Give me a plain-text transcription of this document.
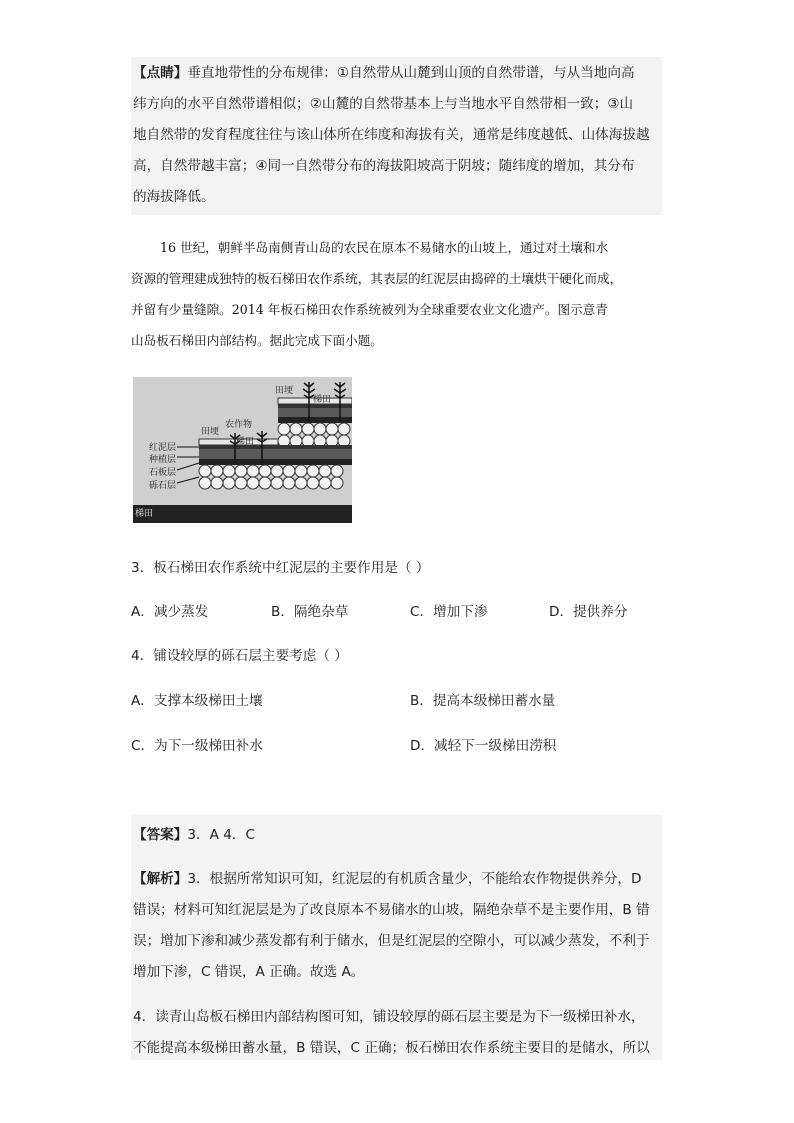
【点睛】垂直地带性的分布规律：①自然带从山麓到山顶的自然带谱，与从当地向高
纬方向的水平自然带谱相似；②山麓的自然带基本上与当地水平自然带相一致；③山
地自然带的发育程度往往与该山体所在纬度和海拔有关，通常是纬度越低、山体海拔越
高，自然带越丰富；④同一自然带分布的海拔阳坡高于阴坡；随纬度的增加，其分布
的海拔降低。
16 世纪，朝鲜半岛南侧青山岛的农民在原本不易储水的山坡上，通过对土壤和水
资源的管理建成独特的板石梯田农作系统，其表层的红泥层由捣碎的土壤烘干硬化而成，
并留有少量缝隙。2014 年板石梯田农作系统被列为全球重要农业文化遗产。图示意青
山岛板石梯田内部结构。据此完成下面小题。
农作物
田埂
梯田
田埂
梯田
红泥层
种植层
石板层
砾石层
梯田
3．板石梯田农作系统中红泥层的主要作用是（ ）
A．减少蒸发	B．隔绝杂草	C．增加下渗	D．提供养分
4．铺设较厚的砾石层主要考虑（ ）
A．支撑本级梯田土壤	B．提高本级梯田蓄水量
C．为下一级梯田补水	D．减轻下一级梯田涝积
【答案】3．A 4．C
【解析】3．根据所常知识可知，红泥层的有机质含量少，不能给农作物提供养分，D
错误；材料可知红泥层是为了改良原本不易储水的山坡，隔绝杂草不是主要作用，B 错
误；增加下渗和减少蒸发都有利于储水，但是红泥层的空隙小，可以减少蒸发，不利于
增加下渗，C 错误，A 正确。故选 A。
4．读青山岛板石梯田内部结构图可知，铺设较厚的砾石层主要是为下一级梯田补水，
不能提高本级梯田蓄水量，B 错误，C 正确；板石梯田农作系统主要目的是储水，所以
